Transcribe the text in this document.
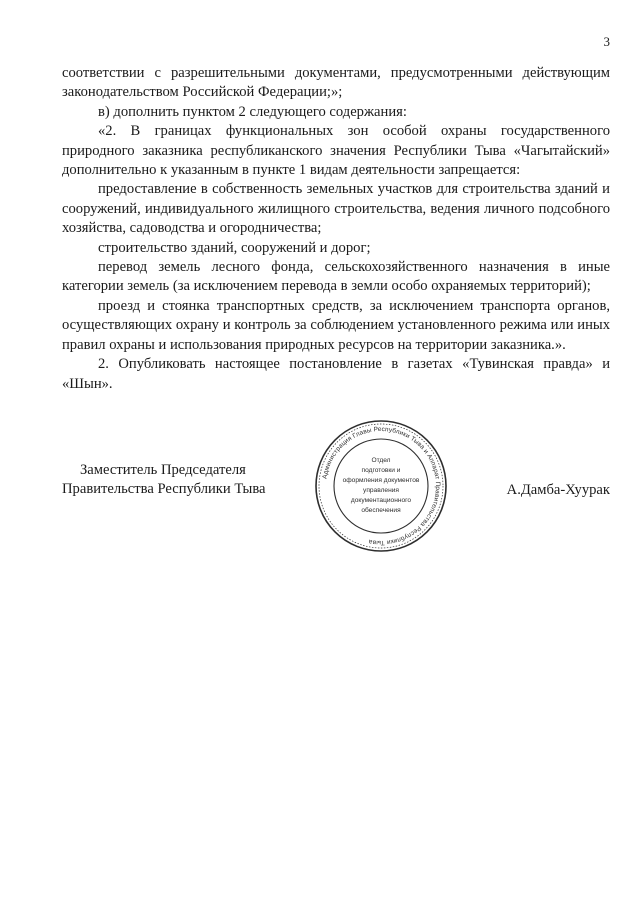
3

соответствии с разрешительными документами, предусмотренными действующим законодательством Российской Федерации;»;

в) дополнить пунктом 2 следующего содержания:

«2. В границах функциональных зон особой охраны государственного природного заказника республиканского значения Республики Тыва «Чагытайский» дополнительно к указанным в пункте 1 видам деятельности запрещается:

предоставление в собственность земельных участков для строительства зданий и сооружений, индивидуального жилищного строительства, ведения личного подсобного хозяйства, садоводства и огородничества;

строительство зданий, сооружений и дорог;

перевод земель лесного фонда, сельскохозяйственного назначения в иные категории земель (за исключением перевода в земли особо охраняемых территорий);

проезд и стоянка транспортных средств, за исключением транспорта органов, осуществляющих охрану и контроль за соблюдением установленного режима или иных правил охраны и использования природных ресурсов на территории заказника.».

2. Опубликовать настоящее постановление в газетах «Тувинская правда» и «Шын».

Заместитель Председателя
Правительства Республики Тыва	А.Дамба-Хуурак
Администрация Главы Республики Тыва и Аппарат Правительства Республики Тыва
Отдел
подготовки и
оформления документов
управления
документационного
обеспечения
